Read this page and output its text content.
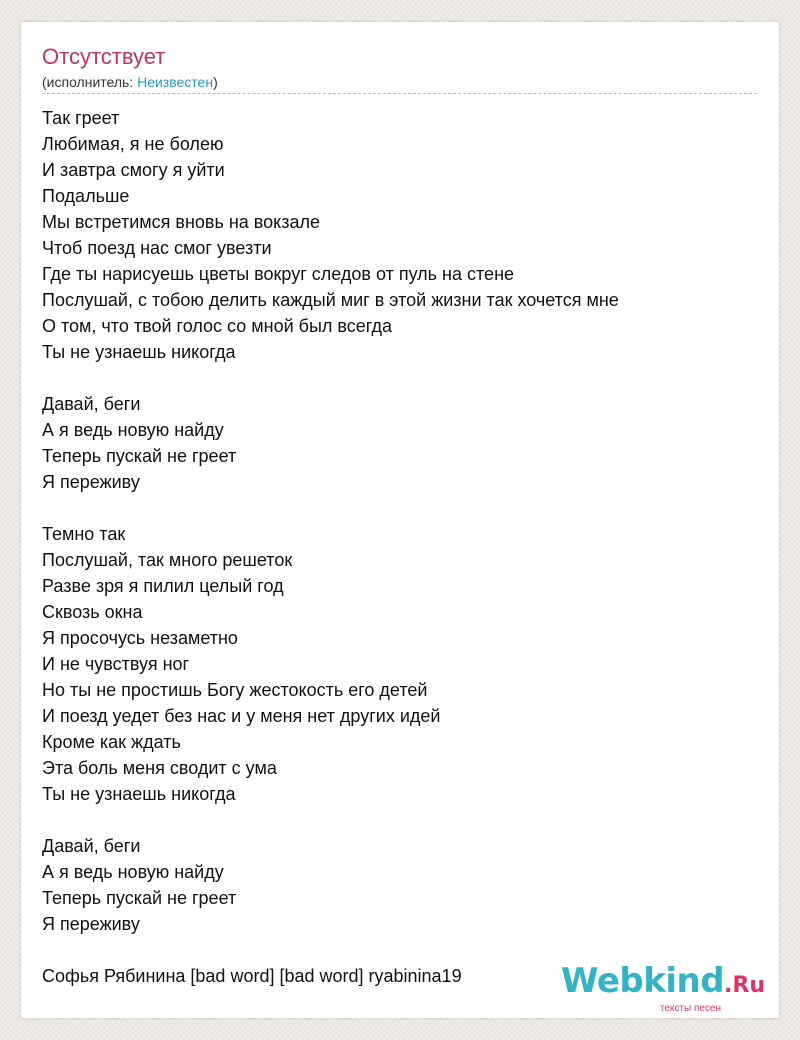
Отсутствует
(исполнитель: Неизвестен)
Так греет
Любимая, я не болею
И завтра смогу я уйти
Подальше
Мы встретимся вновь на вокзале
Чтоб поезд нас смог увезти
Где ты нарисуешь цветы вокруг следов от пуль на стене
Послушай, с тобою делить каждый миг в этой жизни так хочется мне
О том, что твой голос со мной был всегда
Ты не узнаешь никогда
Давай, беги
А я ведь новую найду
Теперь пускай не греет
Я переживу
Темно так
Послушай, так много решеток
Разве зря я пилил целый год
Сквозь окна
Я просочусь незаметно
И не чувствуя ног
Но ты не простишь Богу жестокость его детей
И поезд уедет без нас и у меня нет других идей
Кроме как ждать
Эта боль меня сводит с ума
Ты не узнаешь никогда
Давай, беги
А я ведь новую найду
Теперь пускай не греет
Я переживу
Софья Рябинина [bad word] [bad word] ryabinina19	Webkind.Ru
тексты песен
